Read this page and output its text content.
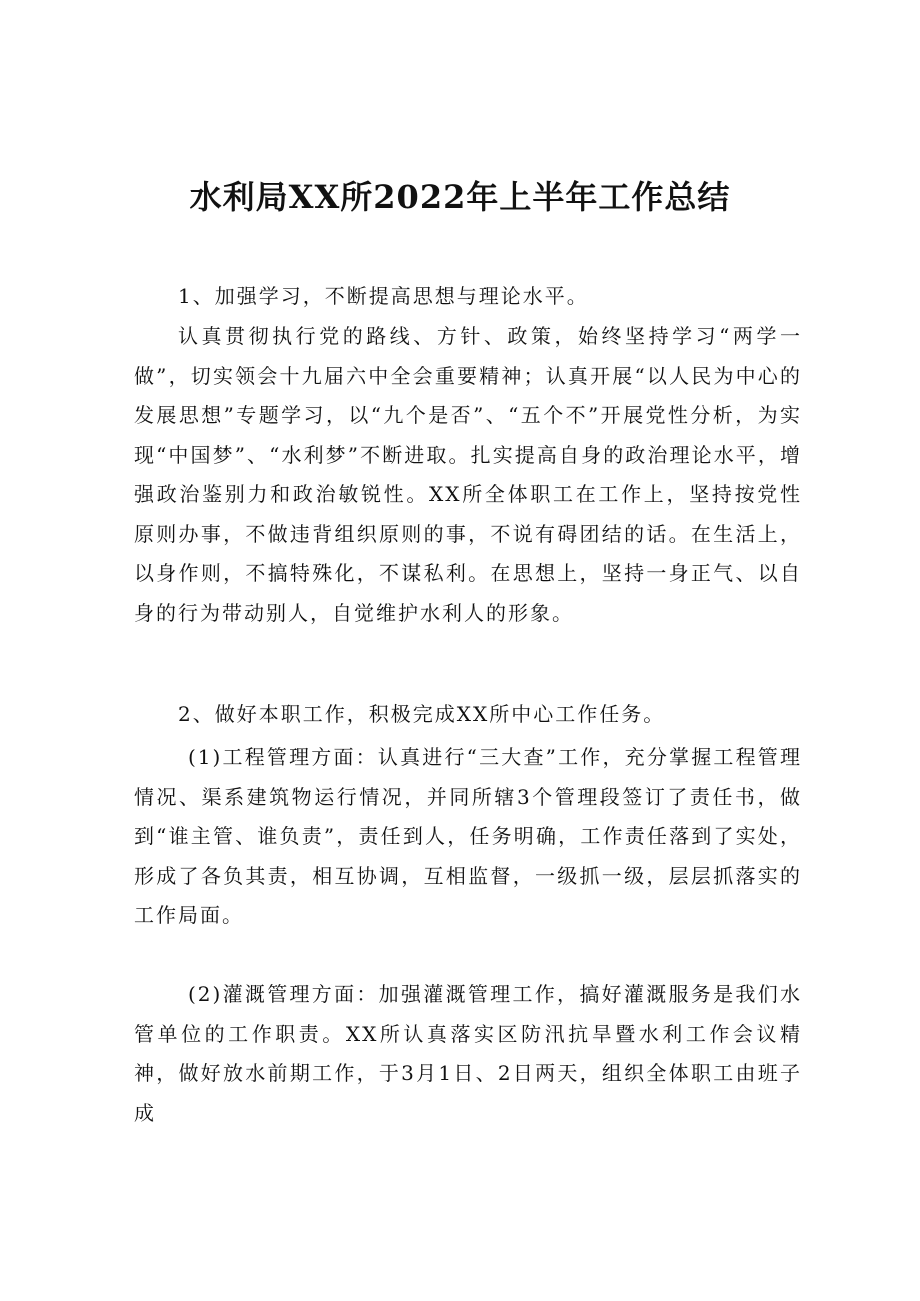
水利局XX所2022年上半年工作总结

1、加强学习，不断提高思想与理论水平。

认真贯彻执行党的路线、方针、政策，始终坚持学习“两学一做”，切实领会十九届六中全会重要精神；认真开展“以人民为中心的发展思想”专题学习，以“九个是否”、“五个不”开展党性分析，为实现“中国梦”、“水利梦”不断进取。扎实提高自身的政治理论水平，增强政治鉴别力和政治敏锐性。XX所全体职工在工作上，坚持按党性原则办事，不做违背组织原则的事，不说有碍团结的话。在生活上，以身作则，不搞特殊化，不谋私利。在思想上，坚持一身正气、以自身的行为带动别人，自觉维护水利人的形象。

2、做好本职工作，积极完成XX所中心工作任务。

(1)工程管理方面：认真进行“三大查”工作，充分掌握工程管理情况、渠系建筑物运行情况，并同所辖3个管理段签订了责任书，做到“谁主管、谁负责”，责任到人，任务明确，工作责任落到了实处，形成了各负其责，相互协调，互相监督，一级抓一级，层层抓落实的工作局面。

(2)灌溉管理方面：加强灌溉管理工作，搞好灌溉服务是我们水管单位的工作职责。XX所认真落实区防汛抗旱暨水利工作会议精神，做好放水前期工作，于3月1日、2日两天，组织全体职工由班子成
